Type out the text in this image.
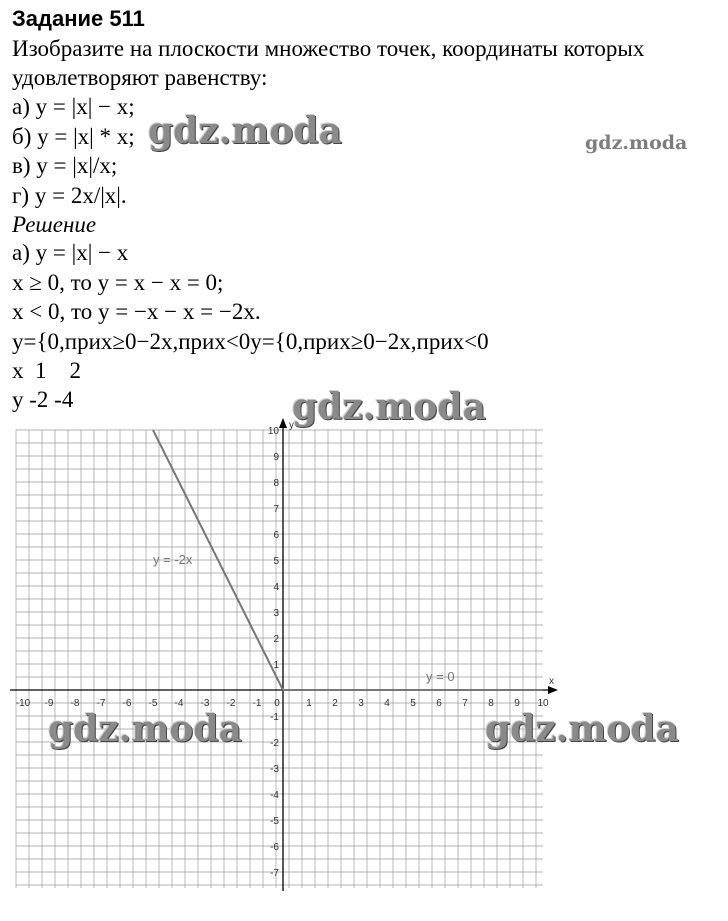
Задание 511
Изобразите на плоскости множество точек, координаты которых
удовлетворяют равенству:
а) y = |x| − x;
б) y = |x| * x;
в) y = |x|/x;
г) y = 2x/|x|.
Решение
а) y = |x| − x
x ≥ 0, то y = x − x = 0;
x < 0, то y = −x − x = −2x.
y={0,прих≥0−2x,прих<0y={0,прих≥0−2x,прих<0
x  1    2
y -2 -4
x
y
-10 -9 -8 -7 -6 -5 -4 -3 -2 -1 0	1 2 3 4 5 6 7 8 9 10
10
9
8
7
6
5
4
3
2
1
-1
-2
-3
-4
-5
-6
-7
y = -2x
y = 0
gdz.moda	gdz.moda
gdz.moda
gdz.moda	gdz.moda
